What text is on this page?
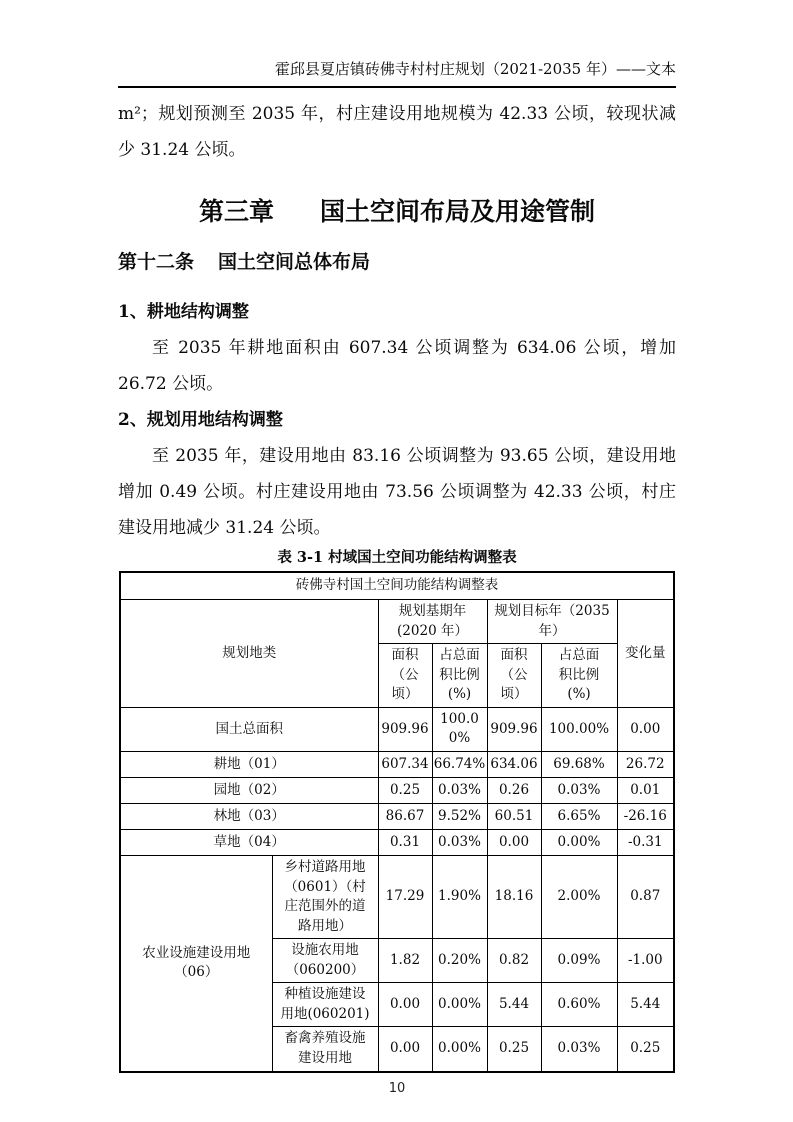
霍邱县夏店镇砖佛寺村村庄规划（2021-2035 年）——文本

m²；规划预测至 2035 年，村庄建设用地规模为 42.33 公顷，较现状减少 31.24 公顷。

第三章 国土空间布局及用途管制
第十二条 国土空间总体布局
1、耕地结构调整

至 2035 年耕地面积由 607.34 公顷调整为 634.06 公顷，增加 26.72 公顷。

2、规划用地结构调整

至 2035 年，建设用地由 83.16 公顷调整为 93.65 公顷，建设用地增加 0.49 公顷。村庄建设用地由 73.56 公顷调整为 42.33 公顷，村庄建设用地减少 31.24 公顷。

表 3-1 村域国土空间功能结构调整表
砖佛寺村国土空间功能结构调整表						
规划地类		规划基期年(2020 年）		规划目标年（2035 年）		变化量
		面积（公顷）	占总面积比例(%)	面积（公顷）	占总面积比例(%)	
国土总面积		909.96	100.00%	909.96	100.00%	0.00
耕地（01）		607.34	66.74%	634.06	69.68%	26.72
园地（02）		0.25	0.03%	0.26	0.03%	0.01
林地（03）		86.67	9.52%	60.51	6.65%	-26.16
草地（04）		0.31	0.03%	0.00	0.00%	-0.31
农业设施建设用地（06）	乡村道路用地（0601）（村庄范围外的道路用地）	17.29	1.90%	18.16	2.00%	0.87
	设施农用地（060200）	1.82	0.20%	0.82	0.09%	-1.00
	种植设施建设用地(060201)	0.00	0.00%	5.44	0.60%	5.44
	畜禽养殖设施建设用地	0.00	0.00%	0.25	0.03%	0.25
10
